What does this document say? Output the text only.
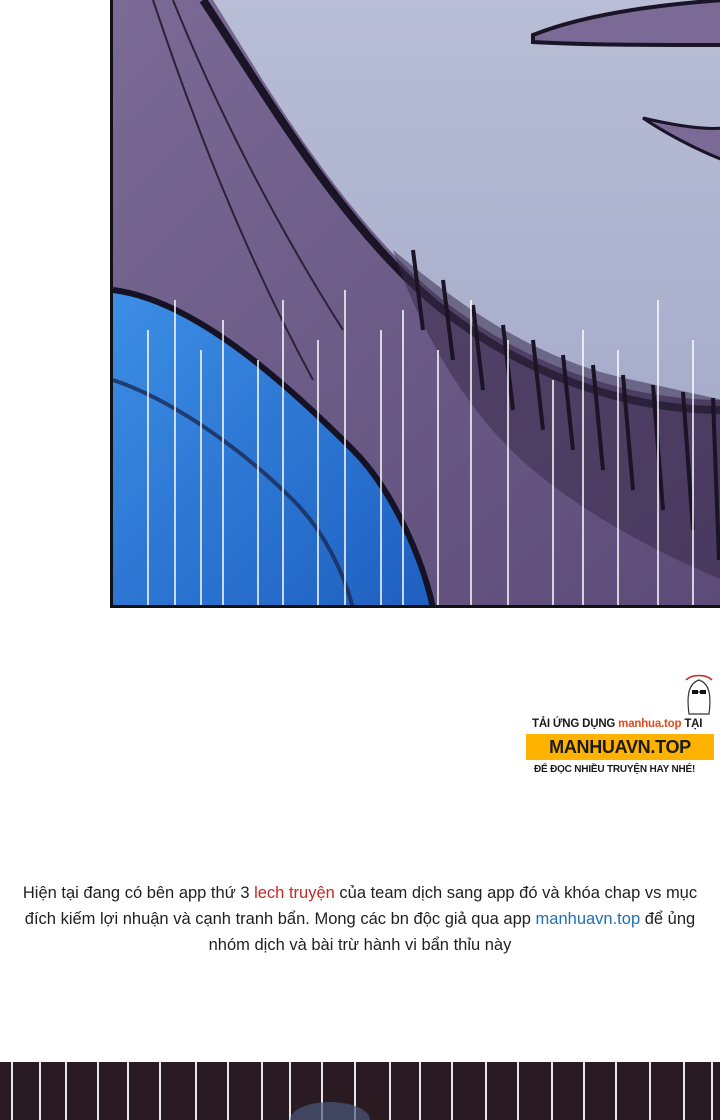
TẢI ỨNG DỤNG manhua.top TẠI
MANHUAVN.TOP
ĐỂ ĐỌC NHIỀU TRUYỆN HAY NHÉ!
Hiện tại đang có bên app thứ 3 lech truyện của team dịch sang app đó và khóa chap vs mục đích kiếm lợi nhuận và cạnh tranh bẩn. Mong các bn độc giả qua app manhuavn.top để ủng nhóm dịch và bài trừ hành vi bẩn thỉu này
